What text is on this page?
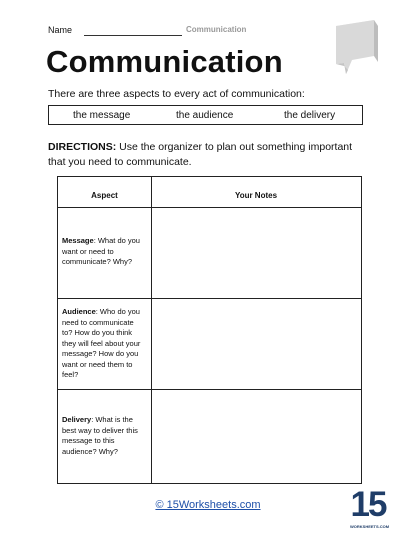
Name	Communication
Communication
There are three aspects to every act of communication:
the message	the audience	the delivery
DIRECTIONS: Use the organizer to plan out something important that you need to communicate.
Aspect	Your Notes
Message: What do you want or need to communicate? Why?
Audience: Who do you need to communicate to? How do you think they will feel about your message? How do you want or need them to feel?
Delivery: What is the best way to deliver this message to this audience? Why?
© 15Worksheets.com	15
WORKSHEETS.COM
